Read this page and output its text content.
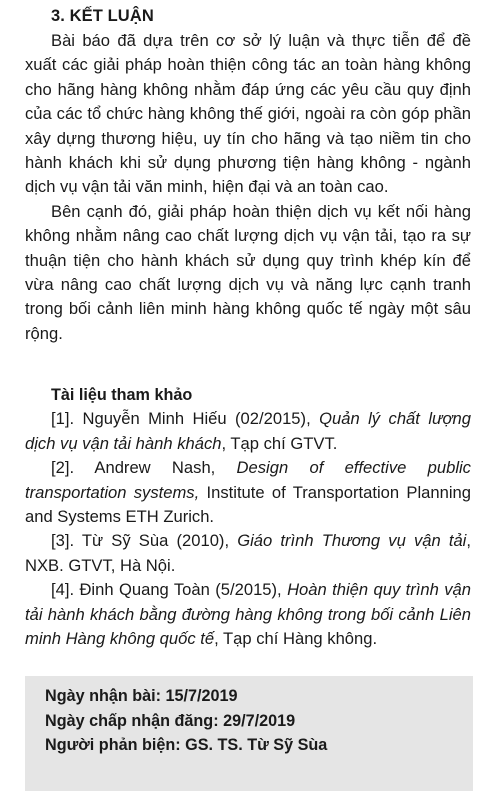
3. KẾT LUẬN

Bài báo đã dựa trên cơ sở lý luận và thực tiễn để đề xuất các giải pháp hoàn thiện công tác an toàn hàng không cho hãng hàng không nhằm đáp ứng các yêu cầu quy định của các tổ chức hàng không thế giới, ngoài ra còn góp phần xây dựng thương hiệu, uy tín cho hãng và tạo niềm tin cho hành khách khi sử dụng phương tiện hàng không - ngành dịch vụ vận tải văn minh, hiện đại và an toàn cao.

Bên cạnh đó, giải pháp hoàn thiện dịch vụ kết nối hàng không nhằm nâng cao chất lượng dịch vụ vận tải, tạo ra sự thuận tiện cho hành khách sử dụng quy trình khép kín để vừa nâng cao chất lượng dịch vụ và năng lực cạnh tranh trong bối cảnh liên minh hàng không quốc tế ngày một sâu rộng.

Tài liệu tham khảo

[1]. Nguyễn Minh Hiếu (02/2015), Quản lý chất lượng dịch vụ vận tải hành khách, Tạp chí GTVT.

[2]. Andrew Nash, Design of effective public transportation systems, Institute of Transportation Planning and Systems ETH Zurich.

[3]. Từ Sỹ Sùa (2010), Giáo trình Thương vụ vận tải, NXB. GTVT, Hà Nội.

[4]. Đinh Quang Toàn (5/2015), Hoàn thiện quy trình vận tải hành khách bằng đường hàng không trong bối cảnh Liên minh Hàng không quốc tế, Tạp chí Hàng không.

Ngày nhận bài: 15/7/2019
Ngày chấp nhận đăng: 29/7/2019
Người phản biện: GS. TS. Từ Sỹ Sùa
